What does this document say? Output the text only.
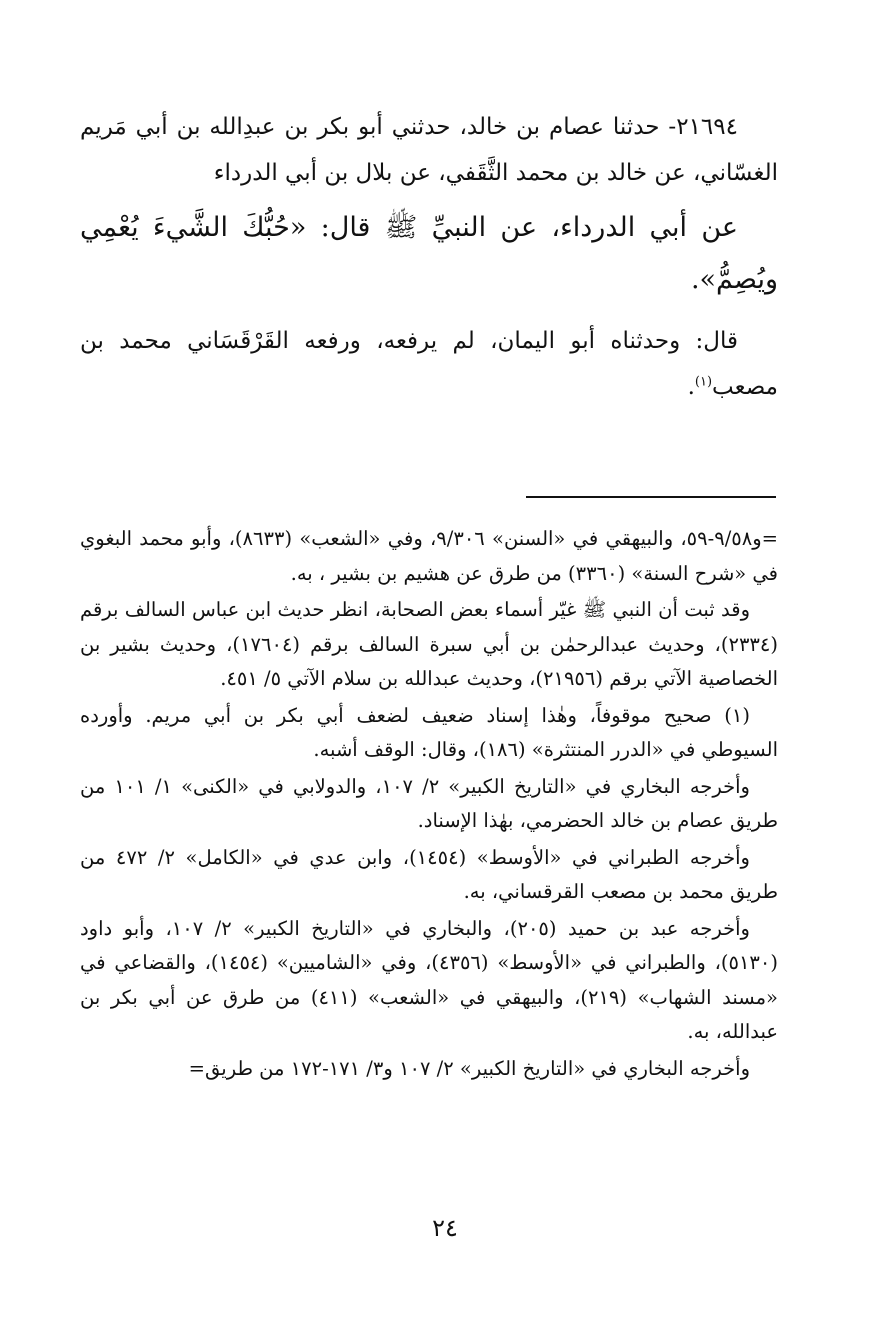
٢١٦٩٤- حدثنا عصام بن خالد، حدثني أبو بكر بن عبدِالله بن أبي مَريم الغسّاني، عن خالد بن محمد الثَّقَفي، عن بلال بن أبي الدرداء

عن أبي الدرداء، عن النبيِّ ﷺ قال: «حُبُّكَ الشَّيءَ يُعْمِي ويُصِمُّ».

قال: وحدثناه أبو اليمان، لم يرفعه، ورفعه القَرْقَسَاني محمد بن مصعب$^{(١)}$.

=و٩/٥٨-٥٩، والبيهقي في «السنن» ٩/٣٠٦، وفي «الشعب» (٨٦٣٣)، وأبو محمد البغوي في «شرح السنة» (٣٣٦٠) من طرق عن هشيم بن بشير ، به.

وقد ثبت أن النبي ﷺ غيّر أسماء بعض الصحابة، انظر حديث ابن عباس السالف برقم (٢٣٣٤)، وحديث عبدالرحمٰن بن أبي سبرة السالف برقم (١٧٦٠٤)، وحديث بشير بن الخصاصية الآتي برقم (٢١٩٥٦)، وحديث عبدالله بن سلام الآتي ٥/ ٤٥١.

(١) صحيح موقوفاً، وهٰذا إسناد ضعيف لضعف أبي بكر بن أبي مريم. وأورده السيوطي في «الدرر المنتثرة» (١٨٦)، وقال: الوقف أشبه.

وأخرجه البخاري في «التاريخ الكبير» ٢/ ١٠٧، والدولابي في «الكنى» ١/ ١٠١ من طريق عصام بن خالد الحضرمي، بهٰذا الإسناد.

وأخرجه الطبراني في «الأوسط» (١٤٥٤)، وابن عدي في «الكامل» ٢/ ٤٧٢ من طريق محمد بن مصعب القرقساني، به.

وأخرجه عبد بن حميد (٢٠٥)، والبخاري في «التاريخ الكبير» ٢/ ١٠٧، وأبو داود (٥١٣٠)، والطبراني في «الأوسط» (٤٣٥٦)، وفي «الشاميين» (١٤٥٤)، والقضاعي في «مسند الشهاب» (٢١٩)، والبيهقي في «الشعب» (٤١١) من طرق عن أبي بكر بن عبدالله، به.

وأخرجه البخاري في «التاريخ الكبير» ٢/ ١٠٧ و٣/ ١٧١-١٧٢ من طريق=

٢٤
